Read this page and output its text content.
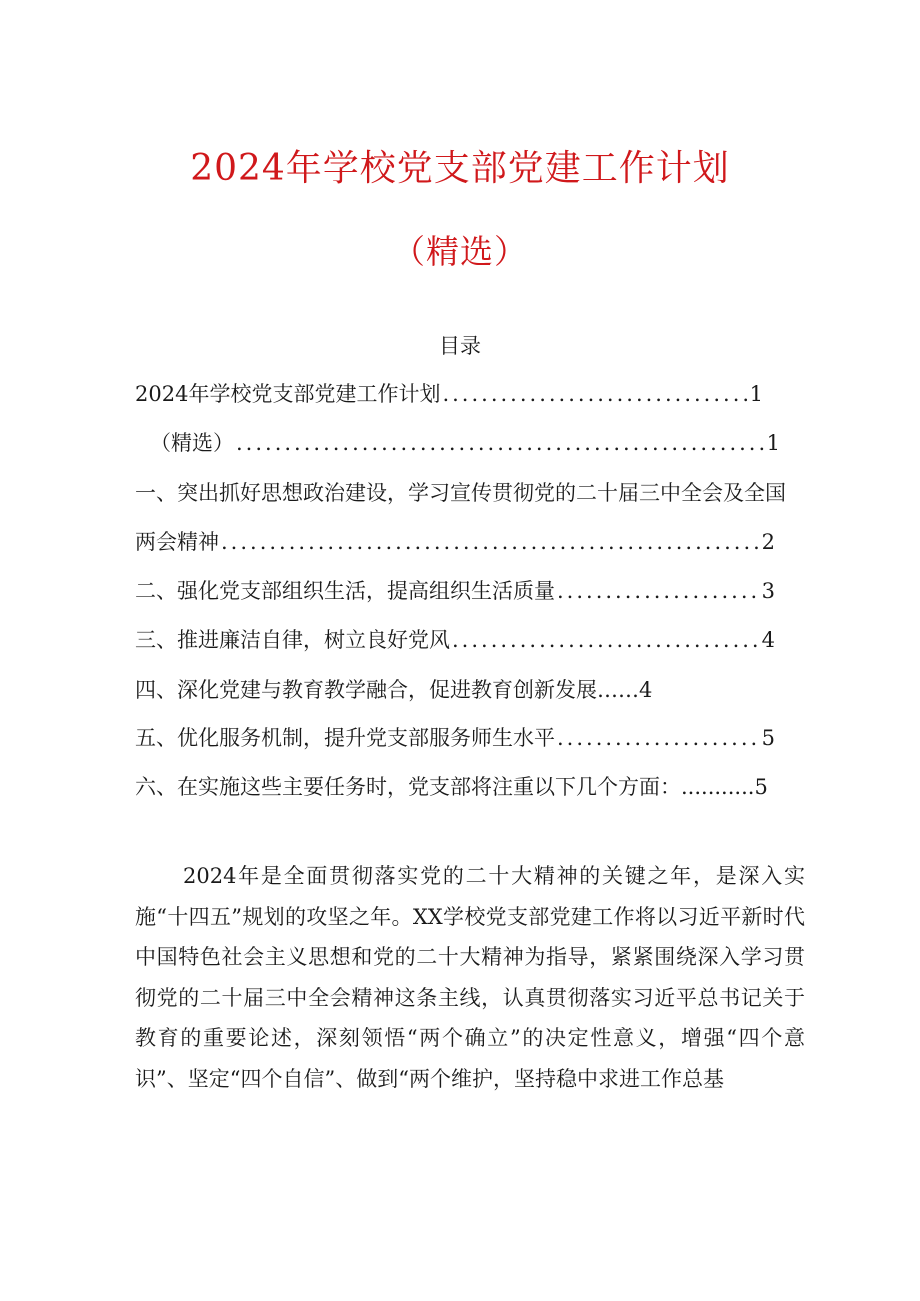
2024年学校党支部党建工作计划
（精选）
目录
2024年学校党支部党建工作计划 .....	1
（精选） .....	1
一、突出抓好思想政治建设，学习宣传贯彻党的二十届三中全会及全国
两会精神 .....	2
二、强化党支部组织生活，提高组织生活质量 .....	3
三、推进廉洁自律，树立良好党风 .....	4
四、深化党建与教育教学融合，促进教育创新发展……4
五、优化服务机制，提升党支部服务师生水平 .....	5
六、在实施这些主要任务时，党支部将注重以下几个方面：...........5

2024年是全面贯彻落实党的二十大精神的关键之年，是深入实施“十四五”规划的攻坚之年。XX学校党支部党建工作将以习近平新时代中国特色社会主义思想和党的二十大精神为指导，紧紧围绕深入学习贯彻党的二十届三中全会精神这条主线，认真贯彻落实习近平总书记关于教育的重要论述，深刻领悟“两个确立”的决定性意义，增强“四个意识”、坚定“四个自信”、做到“两个维护，坚持稳中求进工作总基
